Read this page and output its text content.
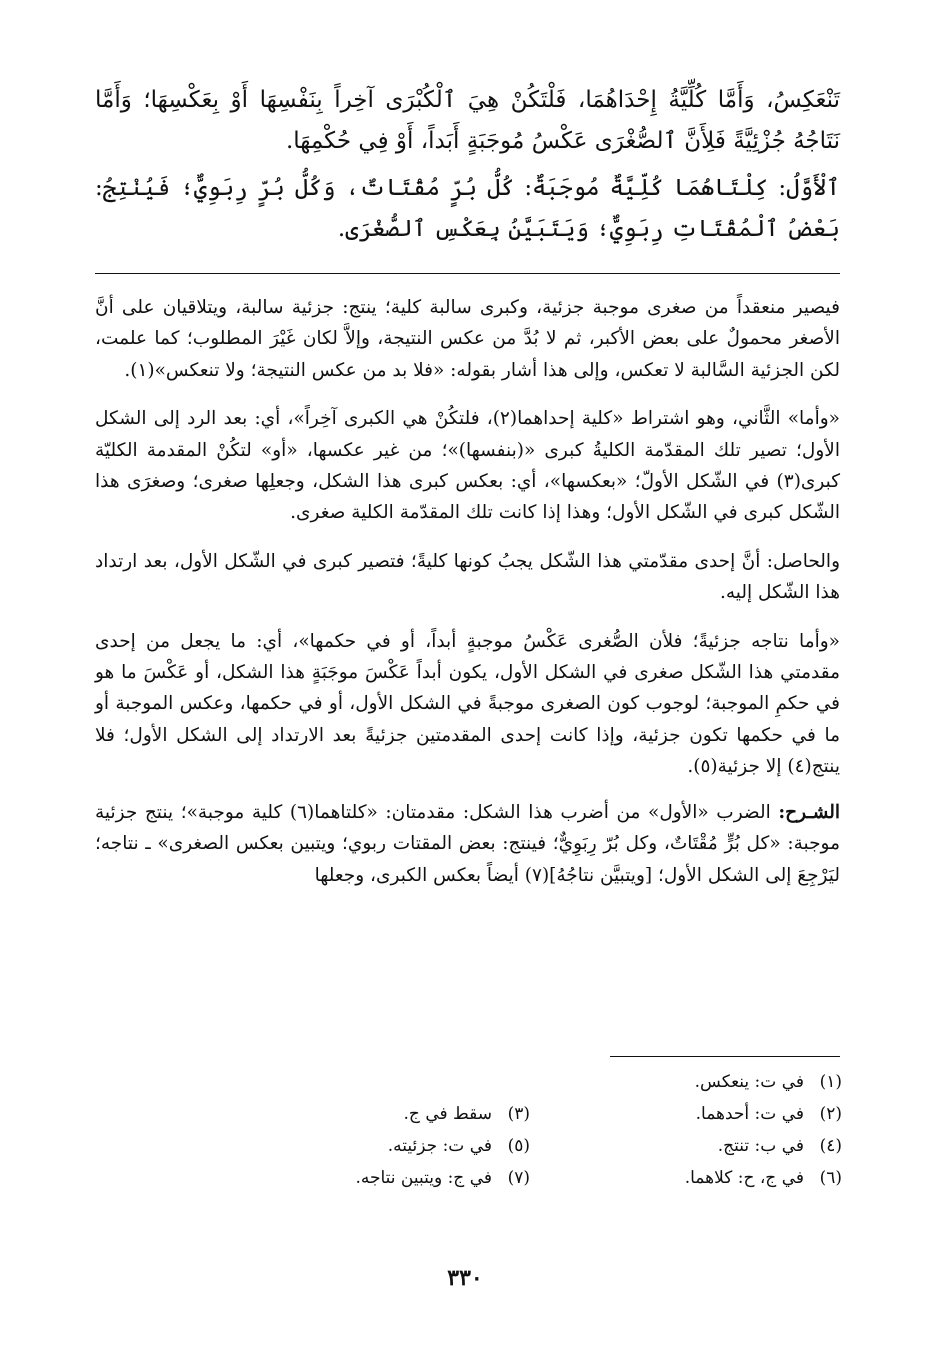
تَنْعَكِسُ، وَأَمَّا كُلِّيَّةُ إِحْدَاهُمَا، فَلْتَكُنْ هِيَ ٱلْكُبْرَى آخِراً بِنَفْسِهَا أَوْ بِعَكْسِهَا؛ وَأَمَّا نَتَاجُهُ جُزْئِيَّةً فَلِأَنَّ ٱلصُّغْرَى عَكْسُ مُوجَبَةٍ أَبَداً، أَوْ فِي حُكْمِهَا.

ٱلْأَوَّلُ: كِلْتَاهُمَا كُلِّيَّةٌ مُوجَبَةٌ: كُلُّ بُرٍّ مُقْتَاتٌ، وَكُلُّ بُرٍّ رِبَوِيٌّ؛ فَيُنْتِجُ: بَعْضُ ٱلْمُقْتَاتِ رِبَوِيٌّ؛ وَيَتَبَيَّنُ بِعَكْسِ ٱلصُّغْرَى.

فيصير منعقداً من صغرى موجبة جزئية، وكبرى سالبة كلية؛ ينتج: جزئية سالبة، ويتلاقيان على أنَّ الأصغر محمولٌ على بعض الأكبر، ثم لا بُدَّ من عكس النتيجة، وإلاَّ لكان غَيْرَ المطلوب؛ كما علمت، لكن الجزئية السَّالبة لا تعكس، وإلى هذا أشار بقوله: «فلا بد من عكس النتيجة؛ ولا تنعكس»(١).

«وأما» الثَّاني، وهو اشتراط «كلية إحداهما(٢)، فلتكُنْ هي الكبرى آخِراً»، أي: بعد الرد إلى الشكل الأول؛ تصير تلك المقدّمة الكليةُ كبرى «(بنفسها)»؛ من غير عكسها، «أو» لتكُنْ المقدمة الكليّة كبرى(٣) في الشّكل الأولّ؛ «بعكسها»، أي: بعكس كبرى هذا الشكل، وجعلِها صغرى؛ وصغرَى هذا الشّكل كبرى في الشّكل الأول؛ وهذا إذا كانت تلك المقدّمة الكلية صغرى.

والحاصل: أنَّ إحدى مقدّمتي هذا الشّكل يجبُ كونها كليةً؛ فتصير كبرى في الشّكل الأول، بعد ارتداد هذا الشّكل إليه.

«وأما نتاجه جزئيةً؛ فلأن الصُّغرى عَكْسُ موجبةٍ أبداً، أو في حكمها»، أي: ما يجعل من إحدى مقدمتي هذا الشّكل صغرى في الشكل الأول، يكون أبداً عَكْسَ موجَبَةٍ هذا الشكل، أو عَكْسَ ما هو في حكمِ الموجبة؛ لوجوب كون الصغرى موجبةً في الشكل الأول، أو في حكمها، وعكس الموجبة أو ما في حكمها تكون جزئية، وإذا كانت إحدى المقدمتين جزئيةً بعد الارتداد إلى الشكل الأول؛ فلا ينتج(٤) إلا جزئية(٥).

الشـرح: الضرب «الأول» من أضرب هذا الشكل: مقدمتان: «كلتاهما(٦) كلية موجبة»؛ ينتج جزئية موجبة: «كل بُرٍّ مُقْتَاتٌ، وكل بُرّ رِبَوِيٌّ؛ فينتج: بعض المقتات ربوي؛ ويتبين بعكس الصغرى» ـ نتاجه؛ ليَرْجِعَ إلى الشكل الأول؛ [ويتبيَّن نتاجُهُ](٧) أيضاً بعكس الكبرى، وجعلها

(١)في ت: ينعكس.
(٢)في ت: أحدهما.
(٤)في ب: تنتج.
(٦)في ج، ح: كلاهما.
(٣)سقط في ج.
(٥)في ت: جزئيته.
(٧)في ج: ويتبين نتاجه.
٣٣٠
